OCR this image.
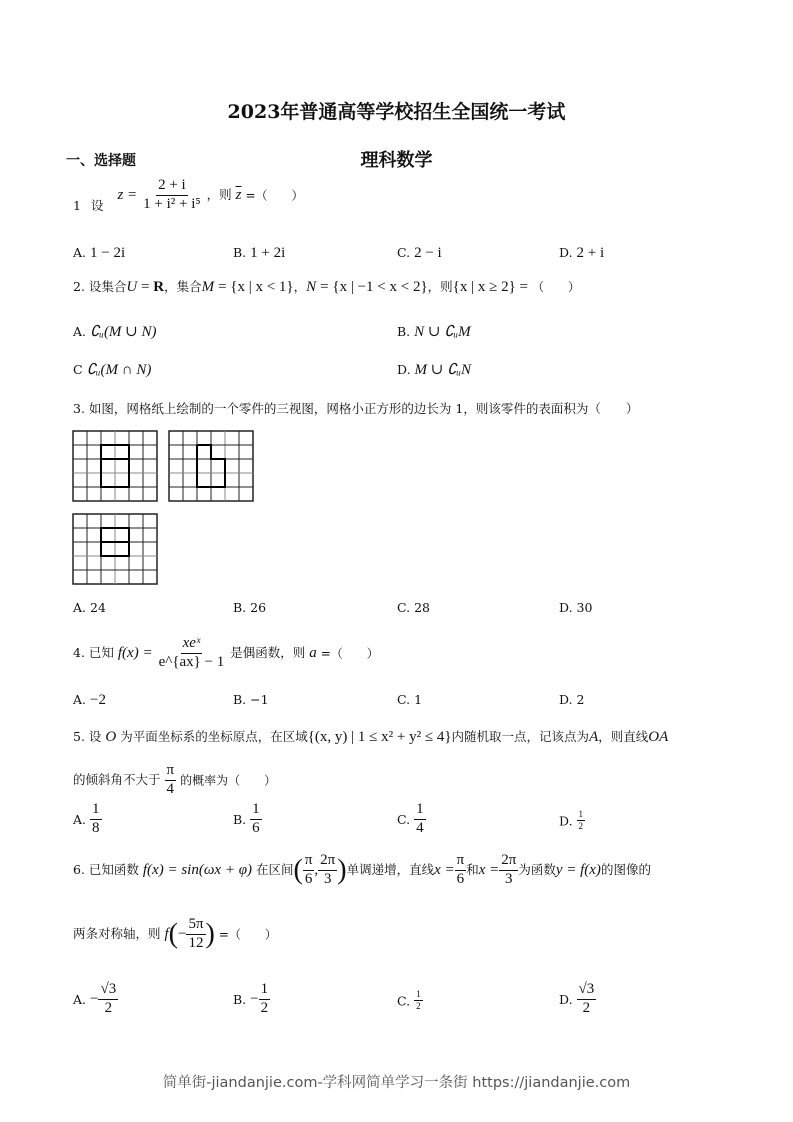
2023年普通高等学校招生全国统一考试
理科数学
一、选择题
1 设 $z = \frac{2 + i}{\text{1 + i² + i⁵}}$ ，则 $\overline{z}$ =（　　）
A. 1 − 2i	B. 1 + 2i	C. 2 − i	D. 2 + i
2. 设集合U = R，集合M = {x | x < 1}，N = {x | −1 < x < 2}，则{x | x ≥ 2} = （　　）
A. ∁ᵤ(M ∪ N)	B. N ∪ ∁ᵤM
C ∁ᵤ(M ∩ N)	D. M ∪ ∁ᵤN
3. 如图，网格纸上绘制的一个零件的三视图，网格小正方形的边长为 1，则该零件的表面积为（　　）
A. 24	B. 26	C. 28	D. 30
4. 已知 $f(x) = \frac{\text{xeˣ}}{e\^{}\{ax\} - 1}$ 是偶函数，则 a =（　　）
A. −2	B. −1	C. 1	D. 2
5. 设 O 为平面坐标系的坐标原点，在区域{(x, y) | 1 ≤ x² + y² ≤ 4}内随机取一点，记该点为A，则直线OA
的倾斜角不大于 $\frac{\pi}{4}$ 的概率为（　　）
A. $\frac{1}{8}$	B. $\frac{1}{6}$	C. $\frac{1}{4}$	D. $\frac{1}{2}$
6. 已知函数 f(x) = sin(ωx + φ) 在区间( $\frac{\pi}{6}$ , $\frac{2\pi}{3}$ )单调递增，直线$x = \frac{\pi}{6}$ 和$x = \frac{2\pi}{3}$ 为函数y = f(x)的图像的
两条对称轴，则 $f(- \frac{5\pi}{12}$ ) =（　　）
A. − $\frac{√3}{2}$	B. − $\frac{1}{2}$	C. $\frac{1}{2}$	D. $\frac{√3}{2}$
简单街-jiandanjie.com-学科网简单学习一条街 https://jiandanjie.com
